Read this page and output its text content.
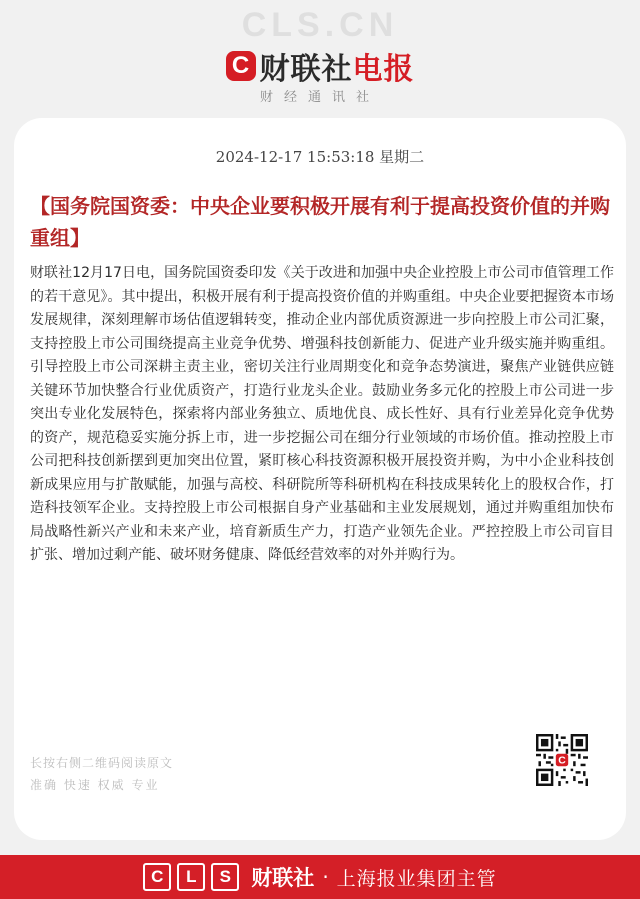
CLS.CN
C 财联社电报
财经通讯社
2024-12-17 15:53:18 星期二
【国务院国资委：中央企业要积极开展有利于提高投资价值的并购重组】

财联社12月17日电，国务院国资委印发《关于改进和加强中央企业控股上市公司市值管理工作的若干意见》。其中提出，积极开展有利于提高投资价值的并购重组。中央企业要把握资本市场发展规律，深刻理解市场估值逻辑转变，推动企业内部优质资源进一步向控股上市公司汇聚，支持控股上市公司围绕提高主业竞争优势、增强科技创新能力、促进产业升级实施并购重组。引导控股上市公司深耕主责主业，密切关注行业周期变化和竞争态势演进，聚焦产业链供应链关键环节加快整合行业优质资产，打造行业龙头企业。鼓励业务多元化的控股上市公司进一步突出专业化发展特色，探索将内部业务独立、质地优良、成长性好、具有行业差异化竞争优势的资产，规范稳妥实施分拆上市，进一步挖掘公司在细分行业领域的市场价值。推动控股上市公司把科技创新摆到更加突出位置，紧盯核心科技资源积极开展投资并购，为中小企业科技创新成果应用与扩散赋能，加强与高校、科研院所等科研机构在科技成果转化上的股权合作，打造科技领军企业。支持控股上市公司根据自身产业基础和主业发展规划，通过并购重组加快布局战略性新兴产业和未来产业，培育新质生产力，打造产业领先企业。严控控股上市公司盲目扩张、增加过剩产能、破坏财务健康、降低经营效率的对外并购行为。

长按右侧二维码阅读原文
准确 快速 权威 专业
C
C	L	S 财联社 · 上海报业集团主管
